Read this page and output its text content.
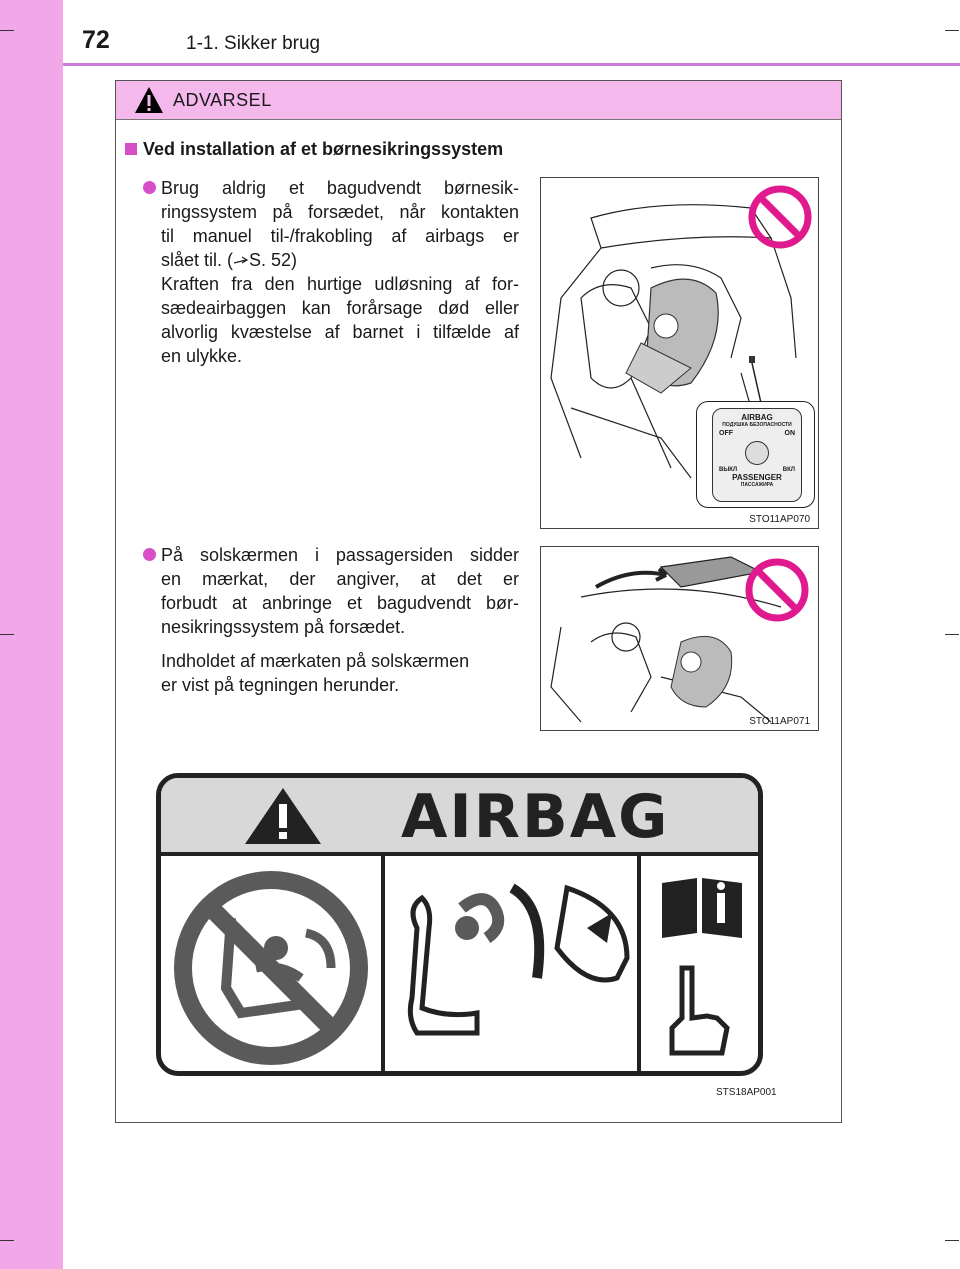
72	1-1. Sikker brug
ADVARSEL
Ved installation af et børnesikringssystem
Brug aldrig et bagudvendt børnesik-
ringssystem på forsædet, når kontakten
til manuel til-/frakobling af airbags er
slået til. ( S. 52)
Kraften fra den hurtige udløsning af for-
sædeairbaggen kan forårsage død eller
alvorlig kvæstelse af barnet i tilfælde af
en ulykke.
På solskærmen i passagersiden sidder
en mærkat, der angiver, at det er
forbudt at anbringe et bagudvendt bør-
nesikringssystem på forsædet.
Indholdet af mærkaten på solskærmen
er vist på tegningen herunder.
AIRBAG
ПОДУШКА БЕЗОПАСНОСТИ
OFF	ON
ВЫКЛ	ВКЛ
PASSENGER
ПАССАЖИРА
STO11AP070
STO11AP071
AIRBAG
STS18AP001
